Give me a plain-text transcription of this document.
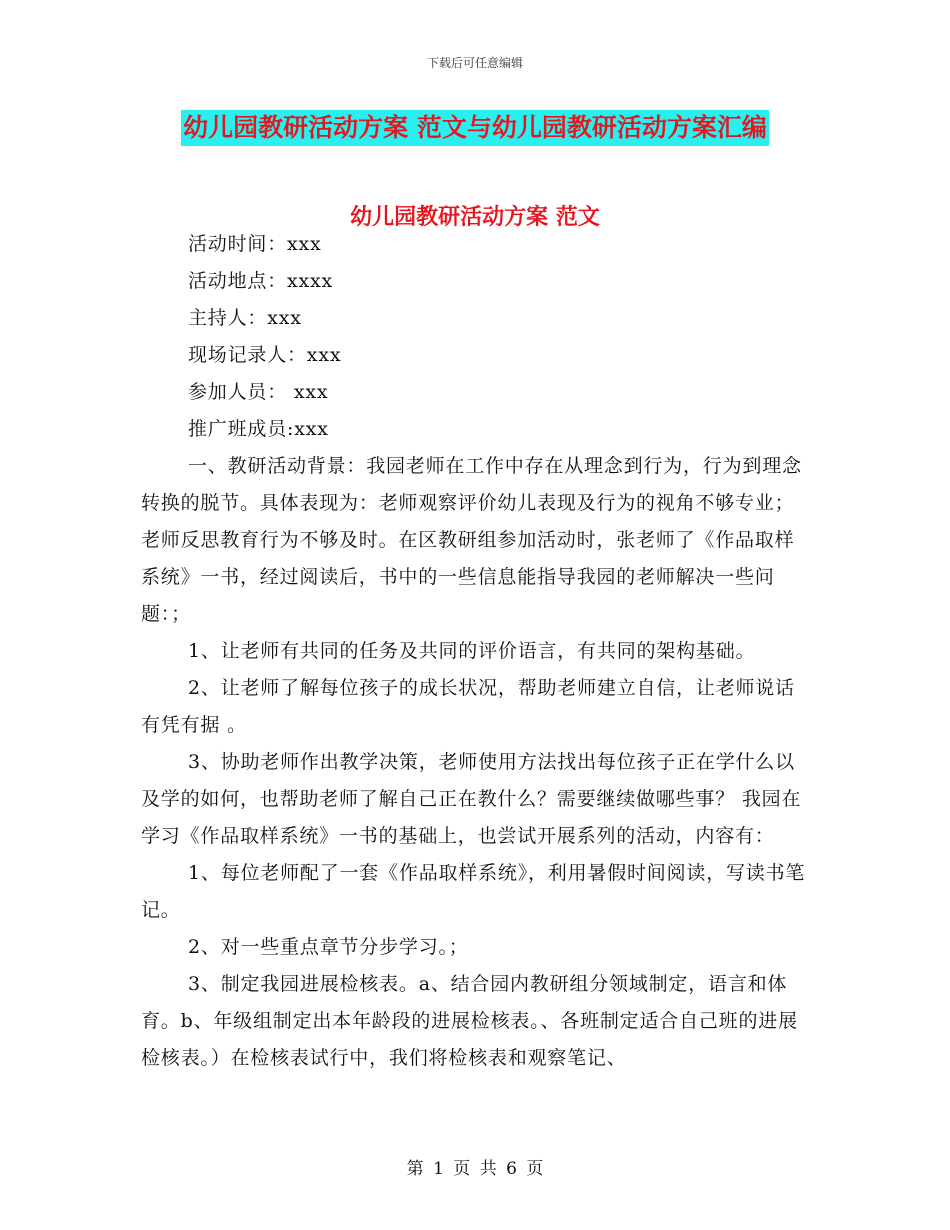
下载后可任意编辑
幼儿园教研活动方案 范文与幼儿园教研活动方案汇编
幼儿园教研活动方案 范文

活动时间：xxx

活动地点：xxxx

主持人：xxx

现场记录人：xxx

参加人员： xxx

推广班成员:xxx

一、教研活动背景：我园老师在工作中存在从理念到行为，行为到理念转换的脱节。具体表现为：老师观察评价幼儿表现及行为的视角不够专业；老师反思教育行为不够及时。在区教研组参加活动时，张老师了《作品取样系统》一书，经过阅读后，书中的一些信息能指导我园的老师解决一些问题：；

1、让老师有共同的任务及共同的评价语言，有共同的架构基础。

2、让老师了解每位孩子的成长状况，帮助老师建立自信，让老师说话 有凭有据 。

3、协助老师作出教学决策，老师使用方法找出每位孩子正在学什么以及学的如何，也帮助老师了解自己正在教什么？需要继续做哪些事？ 我园在学习《作品取样系统》一书的基础上，也尝试开展系列的活动，内容有：

1、每位老师配了一套《作品取样系统》，利用暑假时间阅读，写读书笔记。

2、对一些重点章节分步学习。；

3、制定我园进展检核表。a、结合园内教研组分领域制定，语言和体育。b、年级组制定出本年龄段的进展检核表。、各班制定适合自己班的进展检核表。）在检核表试行中，我们将检核表和观察笔记、

第 1 页 共 6 页
